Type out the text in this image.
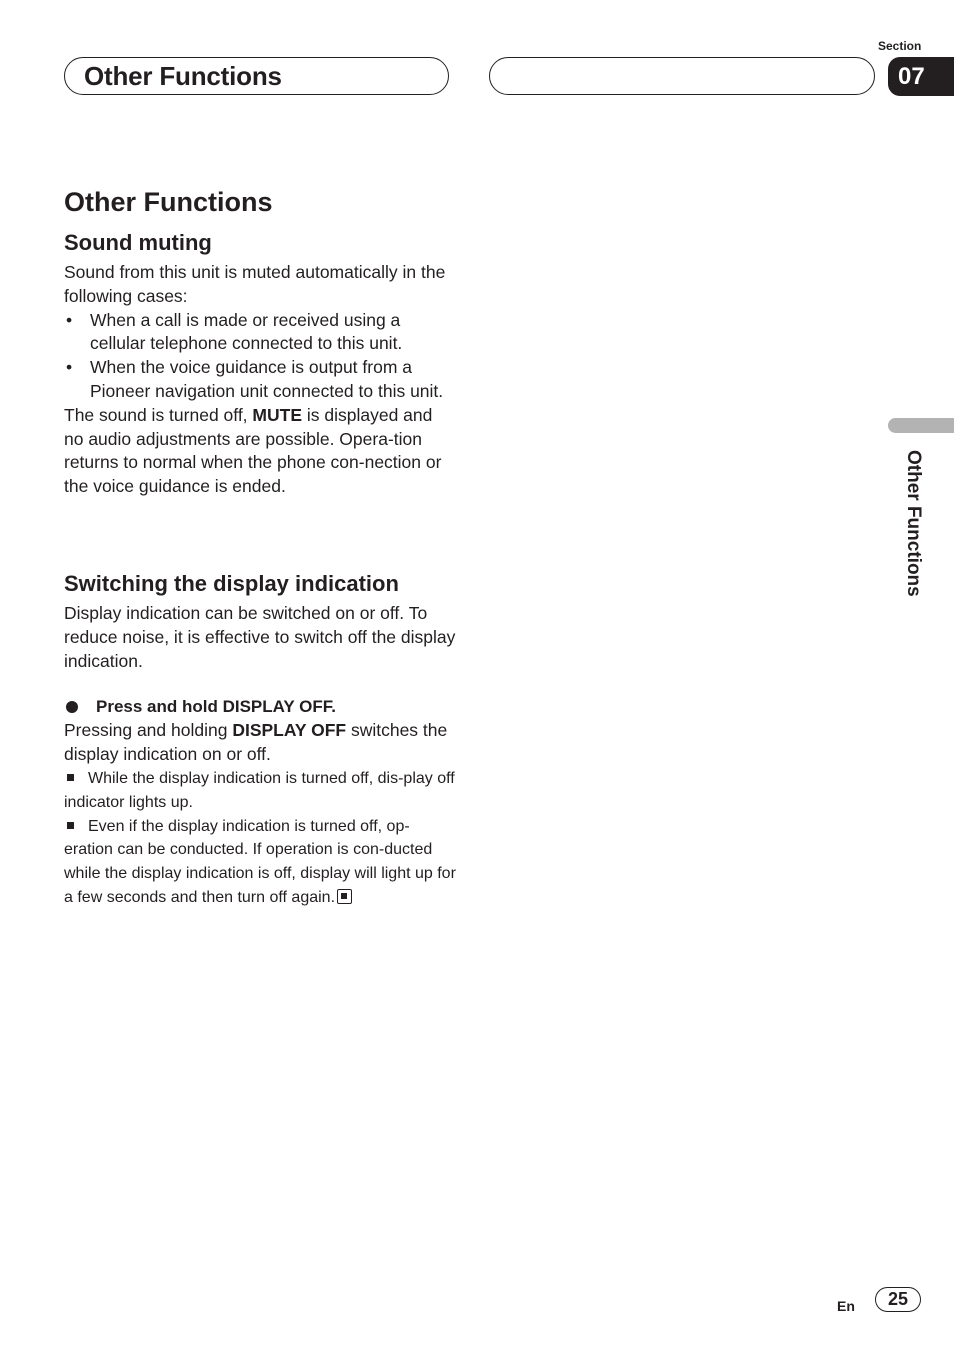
Other Functions
Section
07
Other Functions
Other Functions
Sound muting

Sound from this unit is muted automatically in the following cases:

• When a call is made or received using a cellular telephone connected to this unit.
• When the voice guidance is output from a Pioneer navigation unit connected to this unit.

The sound is turned off, MUTE is displayed and no audio adjustments are possible. Opera-tion returns to normal when the phone con-nection or the voice guidance is ended.

Switching the display indication

Display indication can be switched on or off. To reduce noise, it is effective to switch off the display indication.

Press and hold DISPLAY OFF.

Pressing and holding DISPLAY OFF switches the display indication on or off.

While the display indication is turned off, dis-play off indicator lights up.
Even if the display indication is turned off, op-eration can be conducted. If operation is con-ducted while the display indication is off, display will light up for a few seconds and then turn off again.
En	25
